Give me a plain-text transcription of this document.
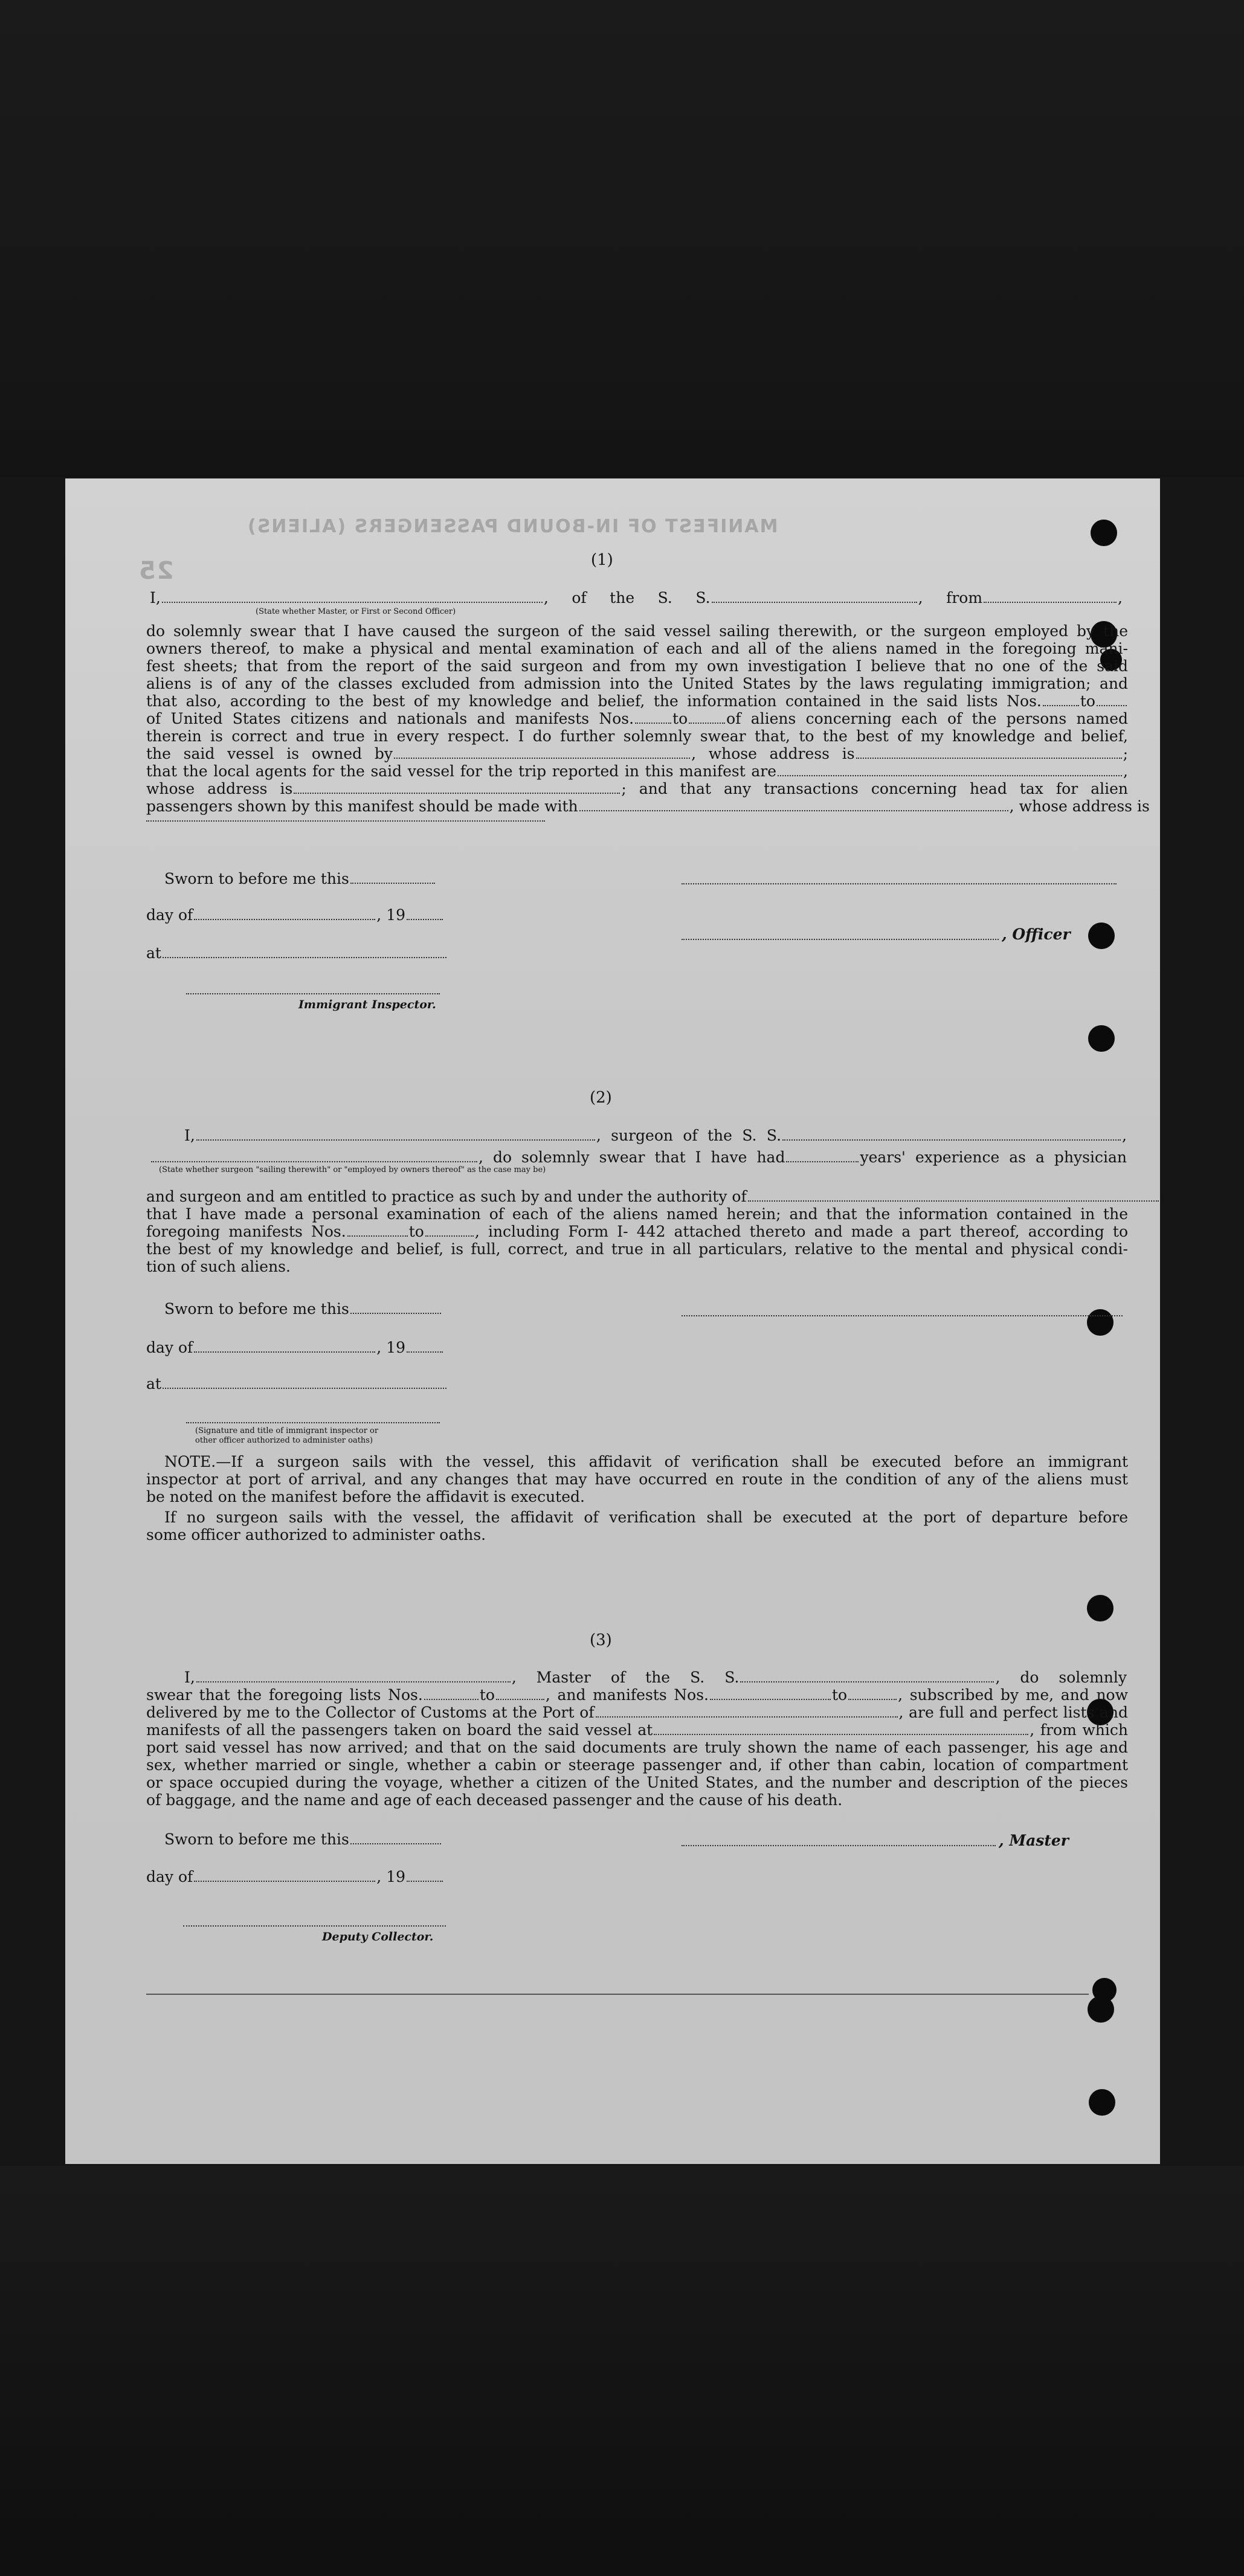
MANIFEST OF IN-BOUND PASSENGERS (ALIENS)
25	(1)
I,	, of the S. S.	, from	,
(State whether Master, or First or Second Officer)
do solemnly swear that I have caused the surgeon of the said vessel sailing therewith, or the surgeon employed by the
owners thereof, to make a physical and mental examination of each and all of the aliens named in the foregoing mani-
fest sheets; that from the report of the said surgeon and from my own investigation I believe that no one of the said
aliens is of any of the classes excluded from admission into the United States by the laws regulating immigration; and
that also, according to the best of my knowledge and belief, the information contained in the said lists Nos.	to
of United States citizens and nationals and manifests Nos.	to	of aliens concerning each of the persons named
therein is correct and true in every respect. I do further solemnly swear that, to the best of my knowledge and belief,
the said vessel is owned by	, whose address is	;
that the local agents for the said vessel for the trip reported in this manifest are	,
whose address is	; and that any transactions concerning head tax for alien
passengers shown by this manifest should be made with	, whose address is
Sworn to before me this
day of	, 19
, Officer
at
Immigrant Inspector.
(2)
I,	, surgeon of the S. S.	,
, do solemnly swear that I have had	years' experience as a physician
(State whether surgeon "sailing therewith" or "employed by owners thereof" as the case may be)
and surgeon and am entitled to practice as such by and under the authority of	;
that I have made a personal examination of each of the aliens named herein; and that the information contained in the
foregoing manifests Nos.	to	, including Form I- 442 attached thereto and made a part thereof, according to
the best of my knowledge and belief, is full, correct, and true in all particulars, relative to the mental and physical condi-
tion of such aliens.
Sworn to before me this
day of	, 19
at
(Signature and title of immigrant inspector or
other officer authorized to administer oaths)
NOTE.—If a surgeon sails with the vessel, this affidavit of verification shall be executed before an immigrant
inspector at port of arrival, and any changes that may have occurred en route in the condition of any of the aliens must
be noted on the manifest before the affidavit is executed.
If no surgeon sails with the vessel, the affidavit of verification shall be executed at the port of departure before
some officer authorized to administer oaths.
(3)
I,	, Master of the S. S.	, do solemnly
swear that the foregoing lists Nos.	to	, and manifests Nos.	to	, subscribed by me, and now
delivered by me to the Collector of Customs at the Port of	, are full and perfect lists and
manifests of all the passengers taken on board the said vessel at	, from which
port said vessel has now arrived; and that on the said documents are truly shown the name of each passenger, his age and
sex, whether married or single, whether a cabin or steerage passenger and, if other than cabin, location of compartment
or space occupied during the voyage, whether a citizen of the United States, and the number and description of the pieces
of baggage, and the name and age of each deceased passenger and the cause of his death.
Sworn to before me this	, Master
day of	, 19
Deputy Collector.
